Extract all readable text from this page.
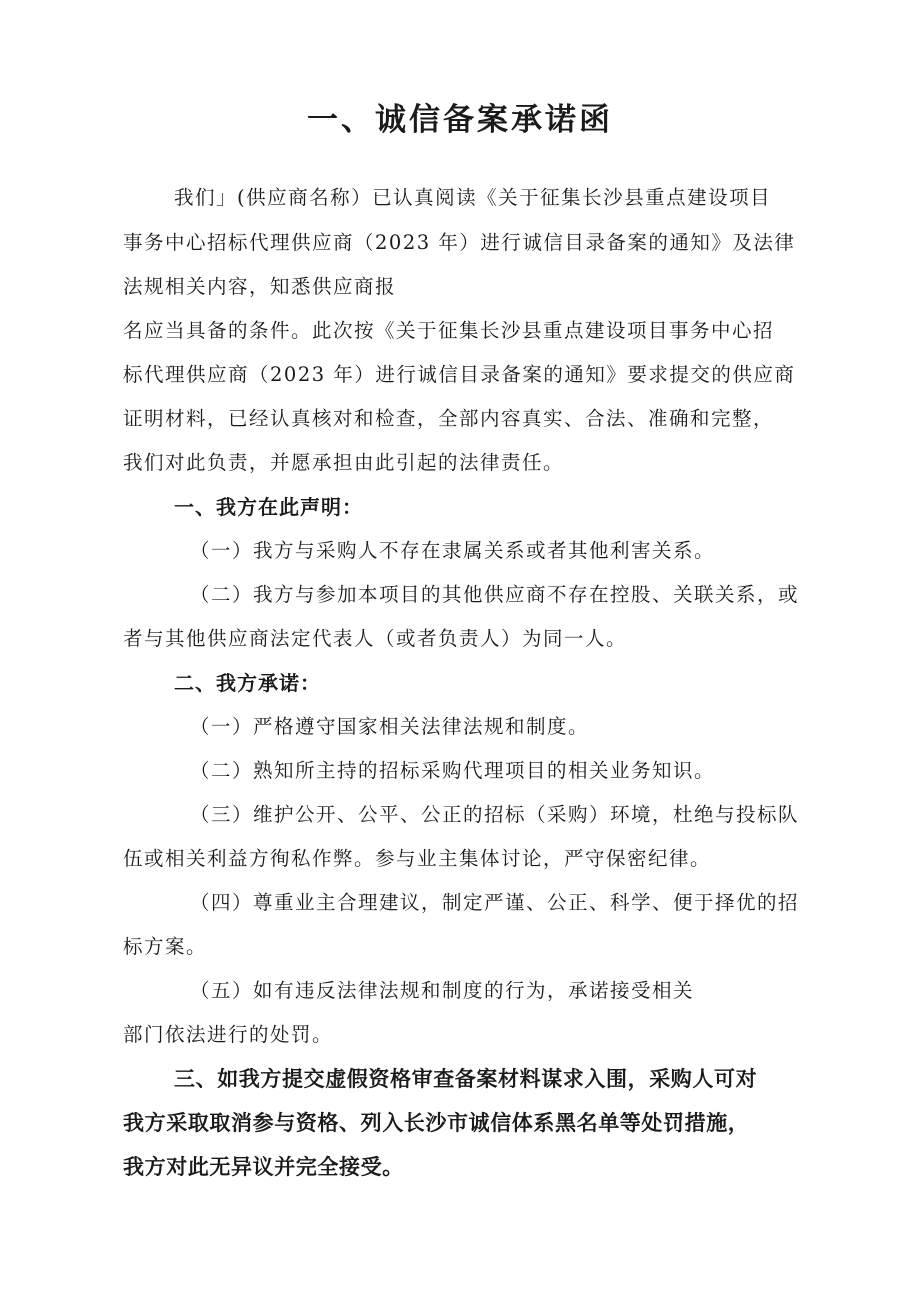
一、诚信备案承诺函
我们」(供应商名称）已认真阅读《关于征集长沙县重点建设项目
事务中心招标代理供应商（2023 年）进行诚信目录备案的通知》及法律
法规相关内容，知悉供应商报
名应当具备的条件。此次按《关于征集长沙县重点建设项目事务中心招
标代理供应商（2023 年）进行诚信目录备案的通知》要求提交的供应商
证明材料，已经认真核对和检查，全部内容真实、合法、准确和完整，
我们对此负责，并愿承担由此引起的法律责任。
一、我方在此声明：
（一）我方与采购人不存在隶属关系或者其他利害关系。
（二）我方与参加本项目的其他供应商不存在控股、关联关系，或
者与其他供应商法定代表人（或者负责人）为同一人。
二、我方承诺：
（一）严格遵守国家相关法律法规和制度。
（二）熟知所主持的招标采购代理项目的相关业务知识。
（三）维护公开、公平、公正的招标（采购）环境，杜绝与投标队
伍或相关利益方徇私作弊。参与业主集体讨论，严守保密纪律。
（四）尊重业主合理建议，制定严谨、公正、科学、便于择优的招
标方案。
（五）如有违反法律法规和制度的行为，承诺接受相关
部门依法进行的处罚。
三、如我方提交虚假资格审查备案材料谋求入围，采购人可对
我方采取取消参与资格、列入长沙市诚信体系黑名单等处罚措施，
我方对此无异议并完全接受。
